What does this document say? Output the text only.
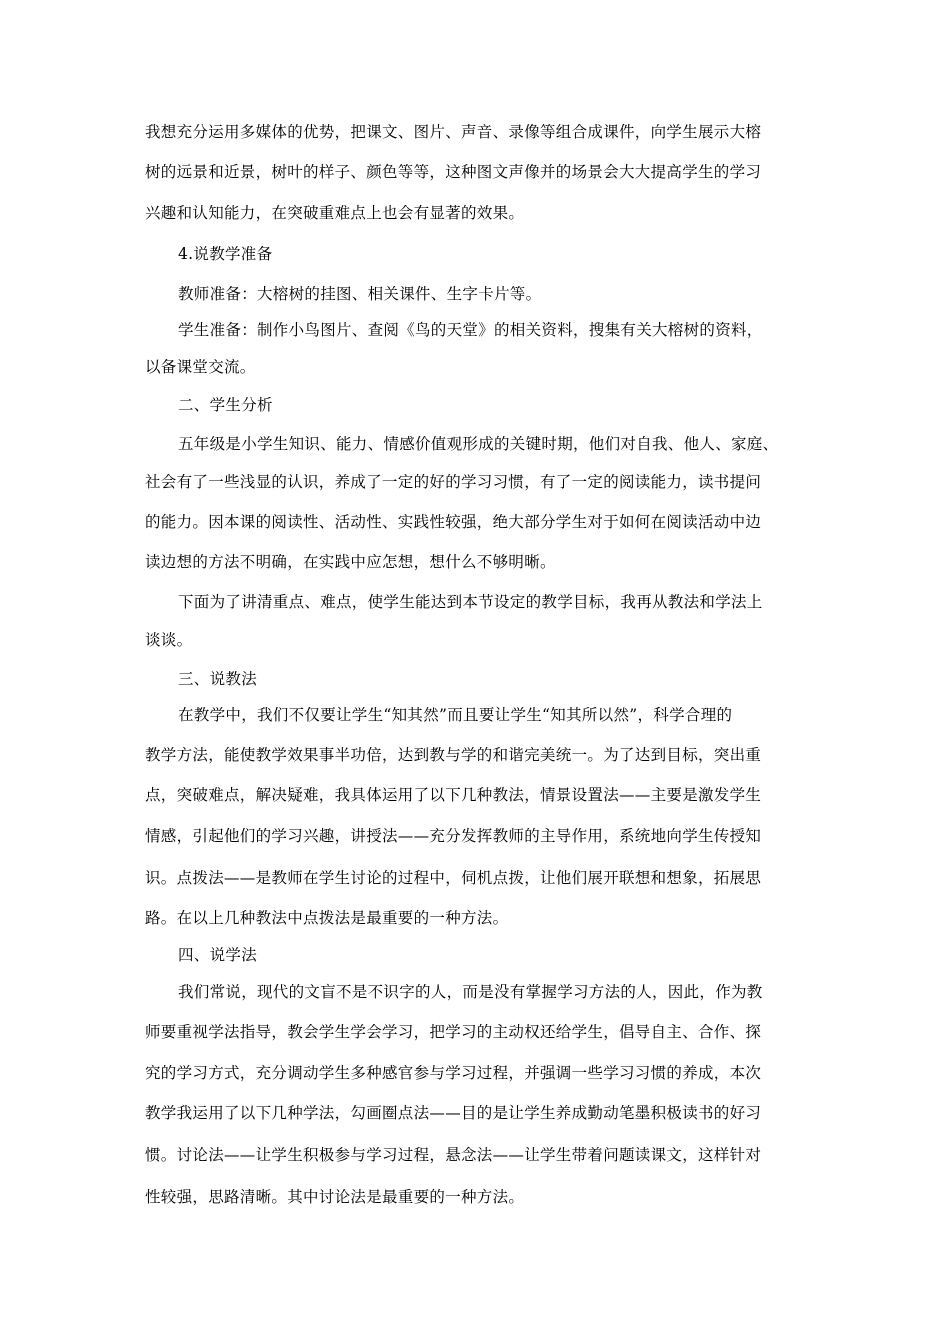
我想充分运用多媒体的优势，把课文、图片、声音、录像等组合成课件，向学生展示大榕
树的远景和近景，树叶的样子、颜色等等，这种图文声像并的场景会大大提高学生的学习
兴趣和认知能力，在突破重难点上也会有显著的效果。
4.说教学准备
教师准备：大榕树的挂图、相关课件、生字卡片等。
学生准备：制作小鸟图片、查阅《鸟的天堂》的相关资料，搜集有关大榕树的资料，
以备课堂交流。
二、学生分析
五年级是小学生知识、能力、情感价值观形成的关键时期，他们对自我、他人、家庭、
社会有了一些浅显的认识，养成了一定的好的学习习惯，有了一定的阅读能力，读书提问
的能力。因本课的阅读性、活动性、实践性较强，绝大部分学生对于如何在阅读活动中边
读边想的方法不明确，在实践中应怎想，想什么不够明晰。
下面为了讲清重点、难点，使学生能达到本节设定的教学目标，我再从教法和学法上
谈谈。
三、说教法
在教学中，我们不仅要让学生“知其然”而且要让学生“知其所以然”，科学合理的
教学方法，能使教学效果事半功倍，达到教与学的和谐完美统一。为了达到目标，突出重
点，突破难点，解决疑难，我具体运用了以下几种教法，情景设置法——主要是激发学生
情感，引起他们的学习兴趣，讲授法——充分发挥教师的主导作用，系统地向学生传授知
识。点拨法——是教师在学生讨论的过程中，伺机点拨，让他们展开联想和想象，拓展思
路。在以上几种教法中点拨法是最重要的一种方法。
四、说学法
我们常说，现代的文盲不是不识字的人，而是没有掌握学习方法的人，因此，作为教
师要重视学法指导，教会学生学会学习，把学习的主动权还给学生，倡导自主、合作、探
究的学习方式，充分调动学生多种感官参与学习过程，并强调一些学习习惯的养成，本次
教学我运用了以下几种学法，勾画圈点法——目的是让学生养成勤动笔墨积极读书的好习
惯。讨论法——让学生积极参与学习过程，悬念法——让学生带着问题读课文，这样针对
性较强，思路清晰。其中讨论法是最重要的一种方法。
